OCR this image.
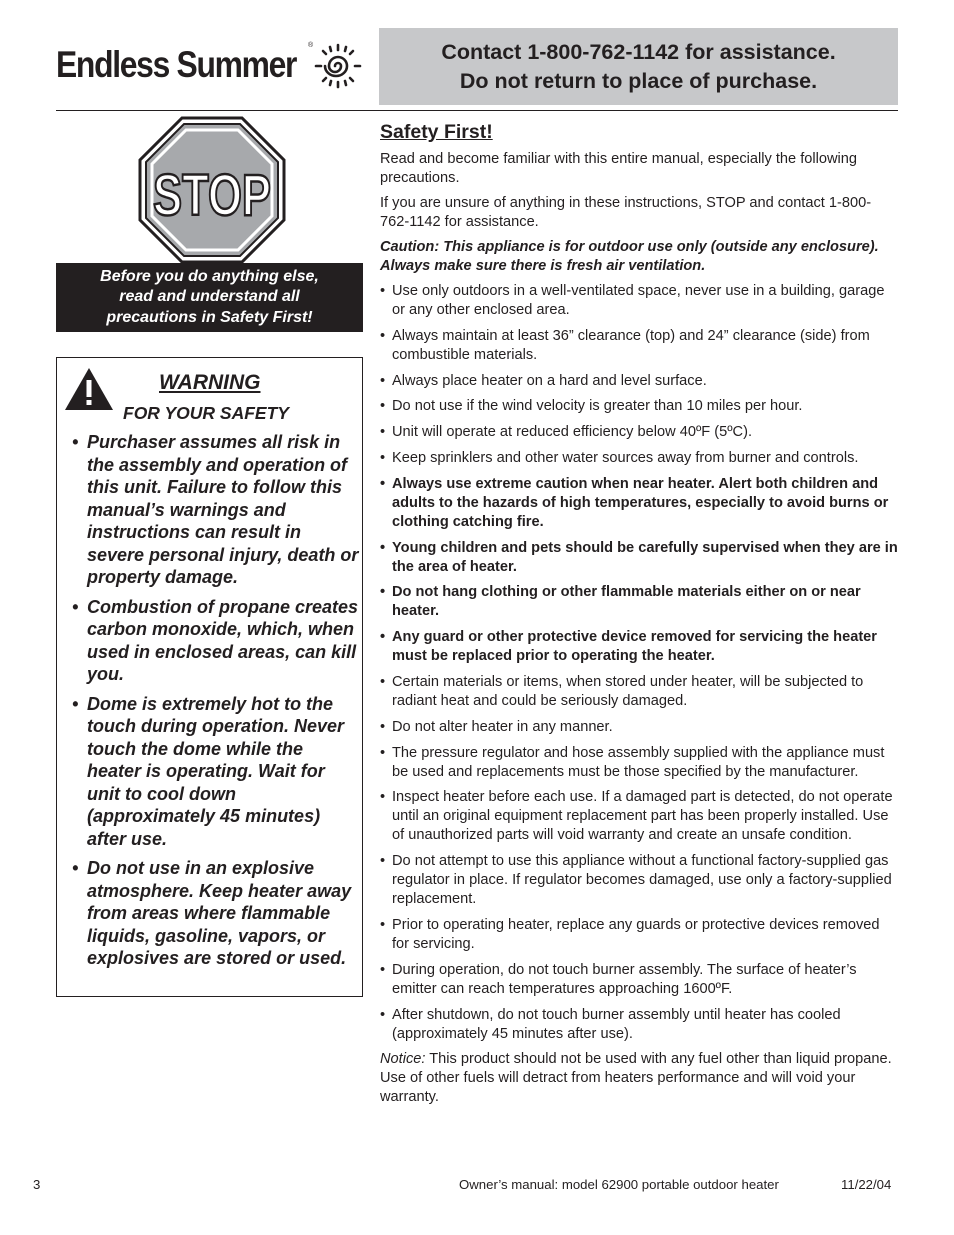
Endless Summer ®	Contact 1-800-762-1142 for assistance.
Do not return to place of purchase.
STOP
Before you do anything else,
read and understand all
precautions in Safety First!
WARNING
FOR YOUR SAFETY
• Purchaser assumes all risk in the assembly and operation of this unit. Failure to follow this manual’s warnings and instructions can result in severe personal injury, death or property damage.
• Combustion of propane creates carbon monoxide, which, when used in enclosed areas, can kill you.
• Dome is extremely hot to the touch during operation. Never touch the dome while the heater is operating. Wait for unit to cool down (approximately 45 minutes) after use.
• Do not use in an explosive atmosphere. Keep heater away from areas where flammable liquids, gasoline, vapors, or explosives are stored or used.
Safety First!

Read and become familiar with this entire manual, especially the following precautions.

If you are unsure of anything in these instructions, STOP and contact 1-800-762-1142 for assistance.

Caution: This appliance is for outdoor use only (outside any enclosure). Always make sure there is fresh air ventilation.

• Use only outdoors in a well-ventilated space, never use in a building, garage or any other enclosed area.
• Always maintain at least 36” clearance (top) and 24” clearance (side) from combustible materials.
• Always place heater on a hard and level surface.
• Do not use if the wind velocity is greater than 10 miles per hour.
• Unit will operate at reduced efficiency below 40ºF (5ºC).
• Keep sprinklers and other water sources away from burner and controls.
• Always use extreme caution when near heater. Alert both children and adults to the hazards of high temperatures, especially to avoid burns or clothing catching fire.
• Young children and pets should be carefully supervised when they are in the area of heater.
• Do not hang clothing or other flammable materials either on or near heater.
• Any guard or other protective device removed for servicing the heater must be replaced prior to operating the heater.
• Certain materials or items, when stored under heater, will be subjected to radiant heat and could be seriously damaged.
• Do not alter heater in any manner.
• The pressure regulator and hose assembly supplied with the appliance must be used and replacements must be those specified by the manufacturer.
• Inspect heater before each use. If a damaged part is detected, do not operate until an original equipment replacement part has been properly installed. Use of unauthorized parts will void warranty and create an unsafe condition.
• Do not attempt to use this appliance without a functional factory-supplied gas regulator in place. If regulator becomes damaged, use only a factory-supplied replacement.
• Prior to operating heater, replace any guards or protective devices removed for servicing.
• During operation, do not touch burner assembly. The surface of heater’s emitter can reach temperatures approaching 1600ºF.
• After shutdown, do not touch burner assembly until heater has cooled (approximately 45 minutes after use).

Notice: This product should not be used with any fuel other than liquid propane. Use of other fuels will detract from heaters performance and will void your warranty.

3	Owner’s manual: model 62900 portable outdoor heater	11/22/04
